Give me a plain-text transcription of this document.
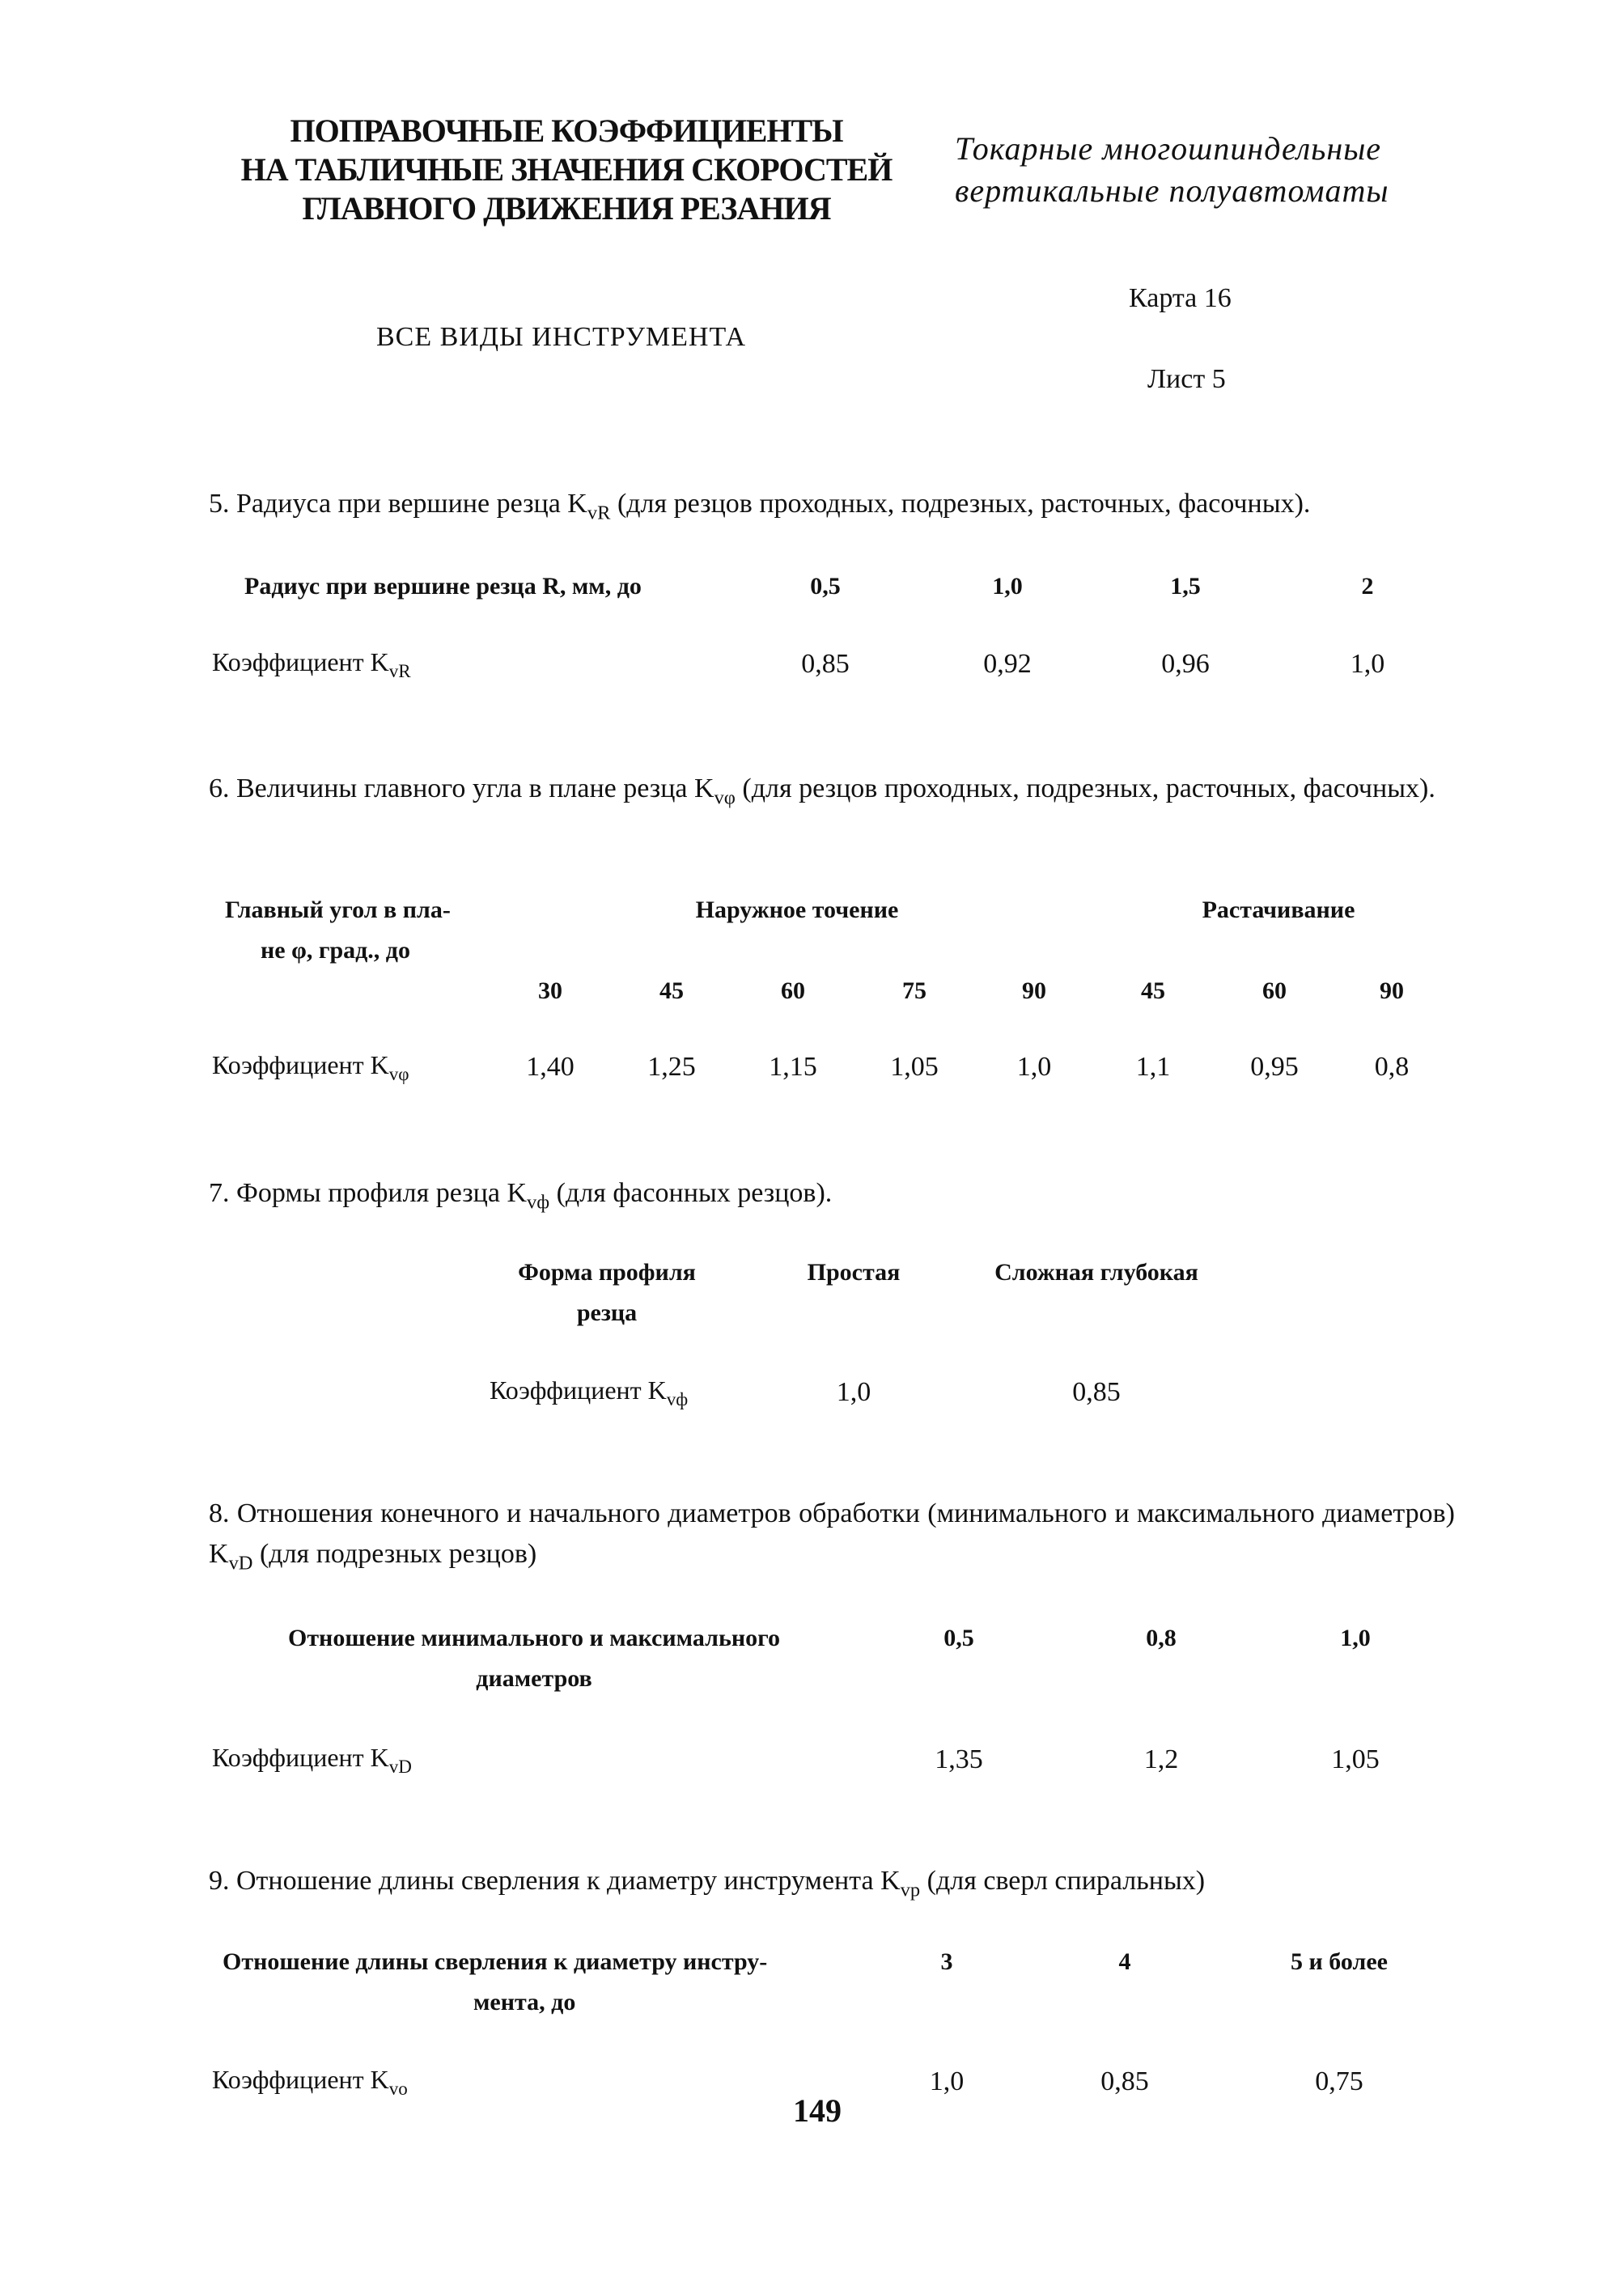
ПОПРАВОЧНЫЕ КОЭФФИЦИЕНТЫ
НА ТАБЛИЧНЫЕ ЗНАЧЕНИЯ СКОРОСТЕЙ
ГЛАВНОГО ДВИЖЕНИЯ РЕЗАНИЯ
Токарные многошпиндельные
вертикальные полуавтоматы
Карта 16
ВСЕ ВИДЫ ИНСТРУМЕНТА
Лист 5
5. Радиуса при вершине резца $K_{vR}$ (для резцов проходных, подрезных, расточных, фасочных).
Радиус при вершине резца R, мм, до	0,5	1,0	1,5	2
Коэффициент $K_{vR}$	0,85	0,92	0,96	1,0
6. Величины главного угла в плане резца $K_{v\varphi}$ (для резцов проходных, подрезных, расточных, фасочных).
Главный угол в пла-
не φ, град., до
Наружное точение	Растачивание
30	45	60	75	90	45	60	90
Коэффициент $K_{v\varphi}$	1,40	1,25	1,15	1,05	1,0	1,1	0,95	0,8
7. Формы профиля резца $K_{vф}$ (для фасонных резцов).
Форма профиля
резца
Простая	Сложная глубокая
Коэффициент $K_{vф}$	1,0	0,85
8. Отношения конечного и начального диаметров обработки (минимального и максимального диаметров) $K_{vD}$ (для подрезных резцов)
Отношение минимального и максимального
диаметров
0,5	0,8	1,0
Коэффициент $K_{vD}$	1,35	1,2	1,05
9. Отношение длины сверления к диаметру инструмента $K_{vp}$ (для сверл спиральных)
Отношение длины сверления к диаметру инстру-
мента, до
3	4	5 и более
Коэффициент $K_{vo}$	1,0	0,85	0,75
149
